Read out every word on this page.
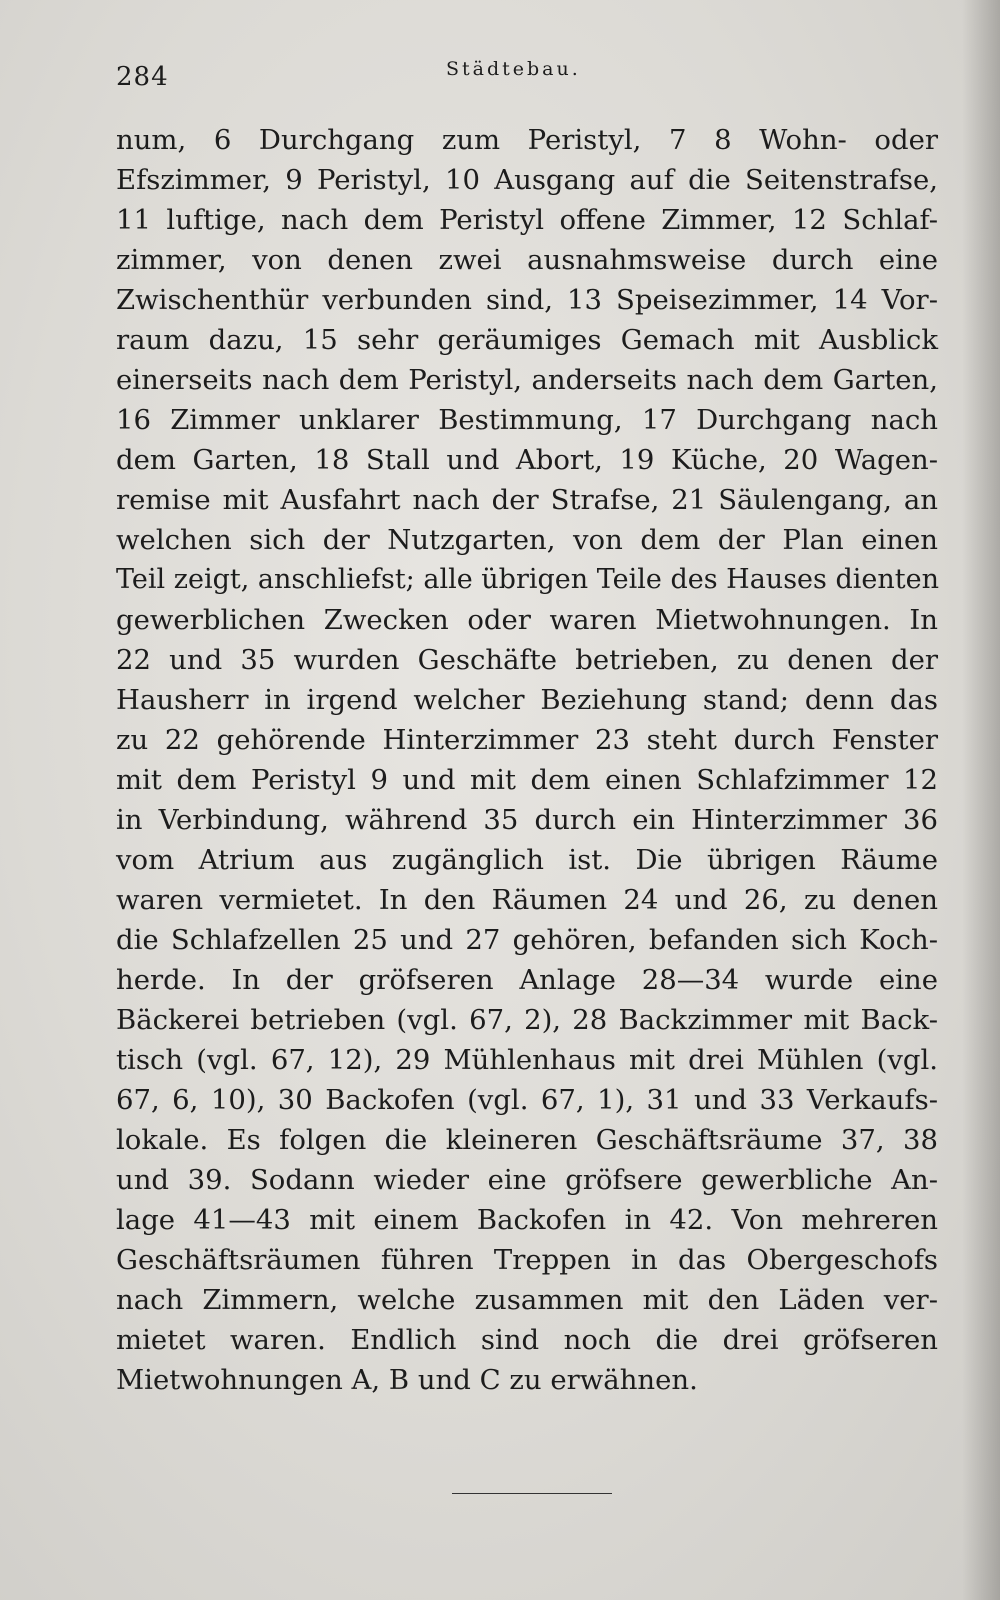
284	Städtebau.
num, 6 Durchgang zum Peristyl, 7 8 Wohn- oder
Efszimmer, 9 Peristyl, 10 Ausgang auf die Seitenstrafse,
11 luftige, nach dem Peristyl offene Zimmer, 12 Schlaf-
zimmer, von denen zwei ausnahmsweise durch eine
Zwischenthür verbunden sind, 13 Speisezimmer, 14 Vor-
raum dazu, 15 sehr geräumiges Gemach mit Ausblick
einerseits nach dem Peristyl, anderseits nach dem Garten,
16 Zimmer unklarer Bestimmung, 17 Durchgang nach
dem Garten, 18 Stall und Abort, 19 Küche, 20 Wagen-
remise mit Ausfahrt nach der Strafse, 21 Säulengang, an
welchen sich der Nutzgarten, von dem der Plan einen
Teil zeigt, anschliefst; alle übrigen Teile des Hauses dienten
gewerblichen Zwecken oder waren Mietwohnungen. In
22 und 35 wurden Geschäfte betrieben, zu denen der
Hausherr in irgend welcher Beziehung stand; denn das
zu 22 gehörende Hinterzimmer 23 steht durch Fenster
mit dem Peristyl 9 und mit dem einen Schlafzimmer 12
in Verbindung, während 35 durch ein Hinterzimmer 36
vom Atrium aus zugänglich ist. Die übrigen Räume
waren vermietet. In den Räumen 24 und 26, zu denen
die Schlafzellen 25 und 27 gehören, befanden sich Koch-
herde. In der gröfseren Anlage 28—34 wurde eine
Bäckerei betrieben (vgl. 67, 2), 28 Backzimmer mit Back-
tisch (vgl. 67, 12), 29 Mühlenhaus mit drei Mühlen (vgl.
67, 6, 10), 30 Backofen (vgl. 67, 1), 31 und 33 Verkaufs-
lokale. Es folgen die kleineren Geschäftsräume 37, 38
und 39. Sodann wieder eine gröfsere gewerbliche An-
lage 41—43 mit einem Backofen in 42. Von mehreren
Geschäftsräumen führen Treppen in das Obergeschofs
nach Zimmern, welche zusammen mit den Läden ver-
mietet waren. Endlich sind noch die drei gröfseren
Mietwohnungen A, B und C zu erwähnen.
